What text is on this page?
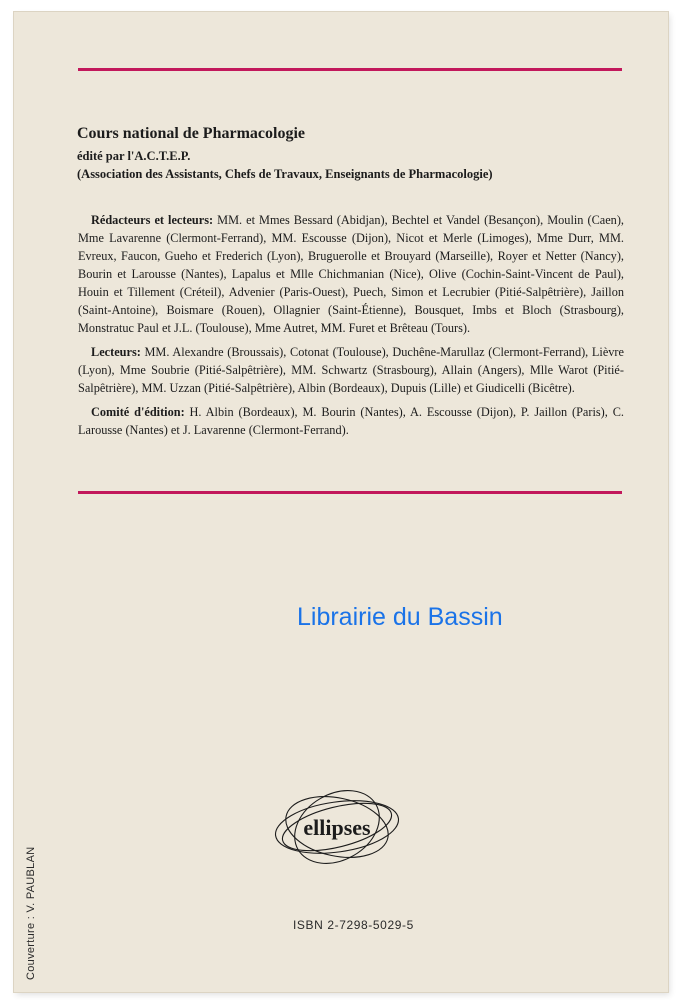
Cours national de Pharmacologie

édité par l'A.C.T.E.P.

(Association des Assistants, Chefs de Travaux, Enseignants de Pharmacologie)

Rédacteurs et lecteurs: MM. et Mmes Bessard (Abidjan), Bechtel et Vandel (Besançon), Moulin (Caen), Mme Lavarenne (Clermont-Ferrand), MM. Escousse (Dijon), Nicot et Merle (Limoges), Mme Durr, MM. Evreux, Faucon, Gueho et Frederich (Lyon), Bruguerolle et Brouyard (Marseille), Royer et Netter (Nancy), Bourin et Larousse (Nantes), Lapalus et Mlle Chichmanian (Nice), Olive (Cochin-Saint-Vincent de Paul), Houin et Tillement (Créteil), Advenier (Paris-Ouest), Puech, Simon et Lecrubier (Pitié-Salpêtrière), Jaillon (Saint-Antoine), Boismare (Rouen), Ollagnier (Saint-Étienne), Bousquet, Imbs et Bloch (Strasbourg), Monstratuc Paul et J.L. (Toulouse), Mme Autret, MM. Furet et Brêteau (Tours).

Lecteurs: MM. Alexandre (Broussais), Cotonat (Toulouse), Duchêne-Marullaz (Clermont-Ferrand), Lièvre (Lyon), Mme Soubrie (Pitié-Salpêtrière), MM. Schwartz (Strasbourg), Allain (Angers), Mlle Warot (Pitié-Salpêtrière), MM. Uzzan (Pitié-Salpêtrière), Albin (Bordeaux), Dupuis (Lille) et Giudicelli (Bicêtre).

Comité d'édition: H. Albin (Bordeaux), M. Bourin (Nantes), A. Escousse (Dijon), P. Jaillon (Paris), C. Larousse (Nantes) et J. Lavarenne (Clermont-Ferrand).

Librairie du Bassin
ellipses
ISBN 2-7298-5029-5
Couverture : V. PAUBLAN
